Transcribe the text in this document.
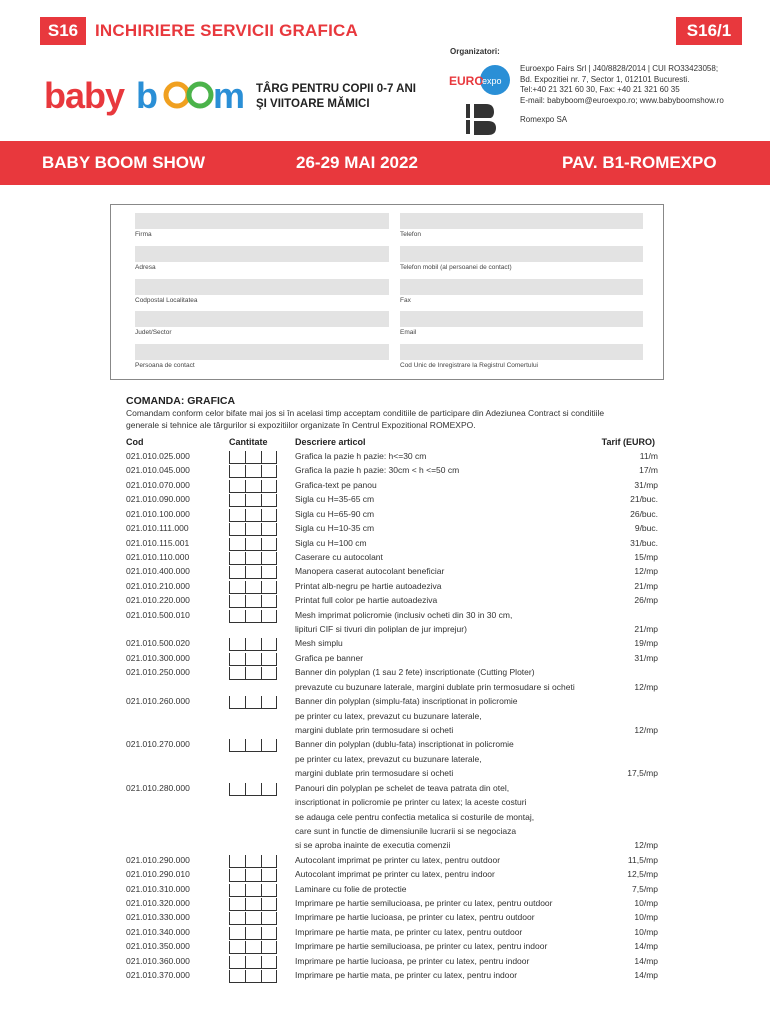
S16 INCHIRIERE SERVICII GRAFICA	S16/1
baby b m TÂRG PENTRU COPII 0-7 ANI
ŞI VIITOARE MĂMICI
Organizatori:
EURO
expo
Euroexpo Fairs Srl | J40/8828/2014 | CUI RO33423058;
Bd. Expozitiei nr. 7, Sector 1, 012101 Bucuresti.
Tel:+40 21 321 60 30, Fax: +40 21 321 60 35
E-mail: babyboom@euroexpo.ro; www.babyboomshow.ro
Romexpo SA
BABY BOOM SHOW	26-29 MAI 2022	PAV. B1-ROMEXPO
Firma	Telefon
Adresa	Telefon mobil (al persoanei de contact)
Codpostal Localitatea	Fax
Judet/Sector	Email
Persoana de contact	Cod Unic de Inregistrare la Registrul Comertului
COMANDA: GRAFICA
Comandam conform celor bifate mai jos si în acelasi timp acceptam conditiile de participare din Adeziunea Contract si conditiile
generale si tehnice ale târgurilor si expozitiilor organizate în Centrul Expozitional ROMEXPO.
Cod	Cantitate	Descriere articol	Tarif (EURO)
021.010.025.000	Grafica la pazie h pazie: h<=30 cm	11/m
021.010.045.000	Grafica la pazie h pazie: 30cm < h <=50 cm	17/m
021.010.070.000	Grafica-text pe panou	31/mp
021.010.090.000	Sigla cu H=35-65 cm	21/buc.
021.010.100.000	Sigla cu H=65-90 cm	26/buc.
021.010.111.000	Sigla cu H=10-35 cm	9/buc.
021.010.115.001	Sigla cu H=100 cm	31/buc.
021.010.110.000	Caserare cu autocolant	15/mp
021.010.400.000	Manopera caserat autocolant beneficiar	12/mp
021.010.210.000	Printat alb-negru pe hartie autoadeziva	21/mp
021.010.220.000	Printat full color pe hartie autoadeziva	26/mp
021.010.500.010	Mesh imprimat policromie (inclusiv ocheti din 30 in 30 cm,
lipituri CIF si tivuri din poliplan de jur imprejur)	21/mp
021.010.500.020	Mesh simplu	19/mp
021.010.300.000	Grafica pe banner	31/mp
021.010.250.000	Banner din polyplan (1 sau 2 fete) inscriptionate (Cutting Ploter)
prevazute cu buzunare laterale, margini dublate prin termosudare si ocheti	12/mp
021.010.260.000	Banner din polyplan (simplu-fata) inscriptionat in policromie
pe printer cu latex, prevazut cu buzunare laterale,
margini dublate prin termosudare si ocheti	12/mp
021.010.270.000	Banner din polyplan (dublu-fata) inscriptionat in policromie
pe printer cu latex, prevazut cu buzunare laterale,
margini dublate prin termosudare si ocheti	17,5/mp
021.010.280.000	Panouri din polyplan pe schelet de teava patrata din otel,
inscriptionat in policromie pe printer cu latex; la aceste costuri
se adauga cele pentru confectia metalica si costurile de montaj,
care sunt in functie de dimensiunile lucrarii si se negociaza
si se aproba inainte de executia comenzii	12/mp
021.010.290.000	Autocolant imprimat pe printer cu latex, pentru outdoor	11,5/mp
021.010.290.010	Autocolant imprimat pe printer cu latex, pentru indoor	12,5/mp
021.010.310.000	Laminare cu folie de protectie	7,5/mp
021.010.320.000	Imprimare pe hartie semilucioasa, pe printer cu latex, pentru outdoor	10/mp
021.010.330.000	Imprimare pe hartie lucioasa, pe printer cu latex, pentru outdoor	10/mp
021.010.340.000	Imprimare pe hartie mata, pe printer cu latex, pentru outdoor	10/mp
021.010.350.000	Imprimare pe hartie semilucioasa, pe printer cu latex, pentru indoor	14/mp
021.010.360.000	Imprimare pe hartie lucioasa, pe printer cu latex, pentru indoor	14/mp
021.010.370.000	Imprimare pe hartie mata, pe printer cu latex, pentru indoor	14/mp
